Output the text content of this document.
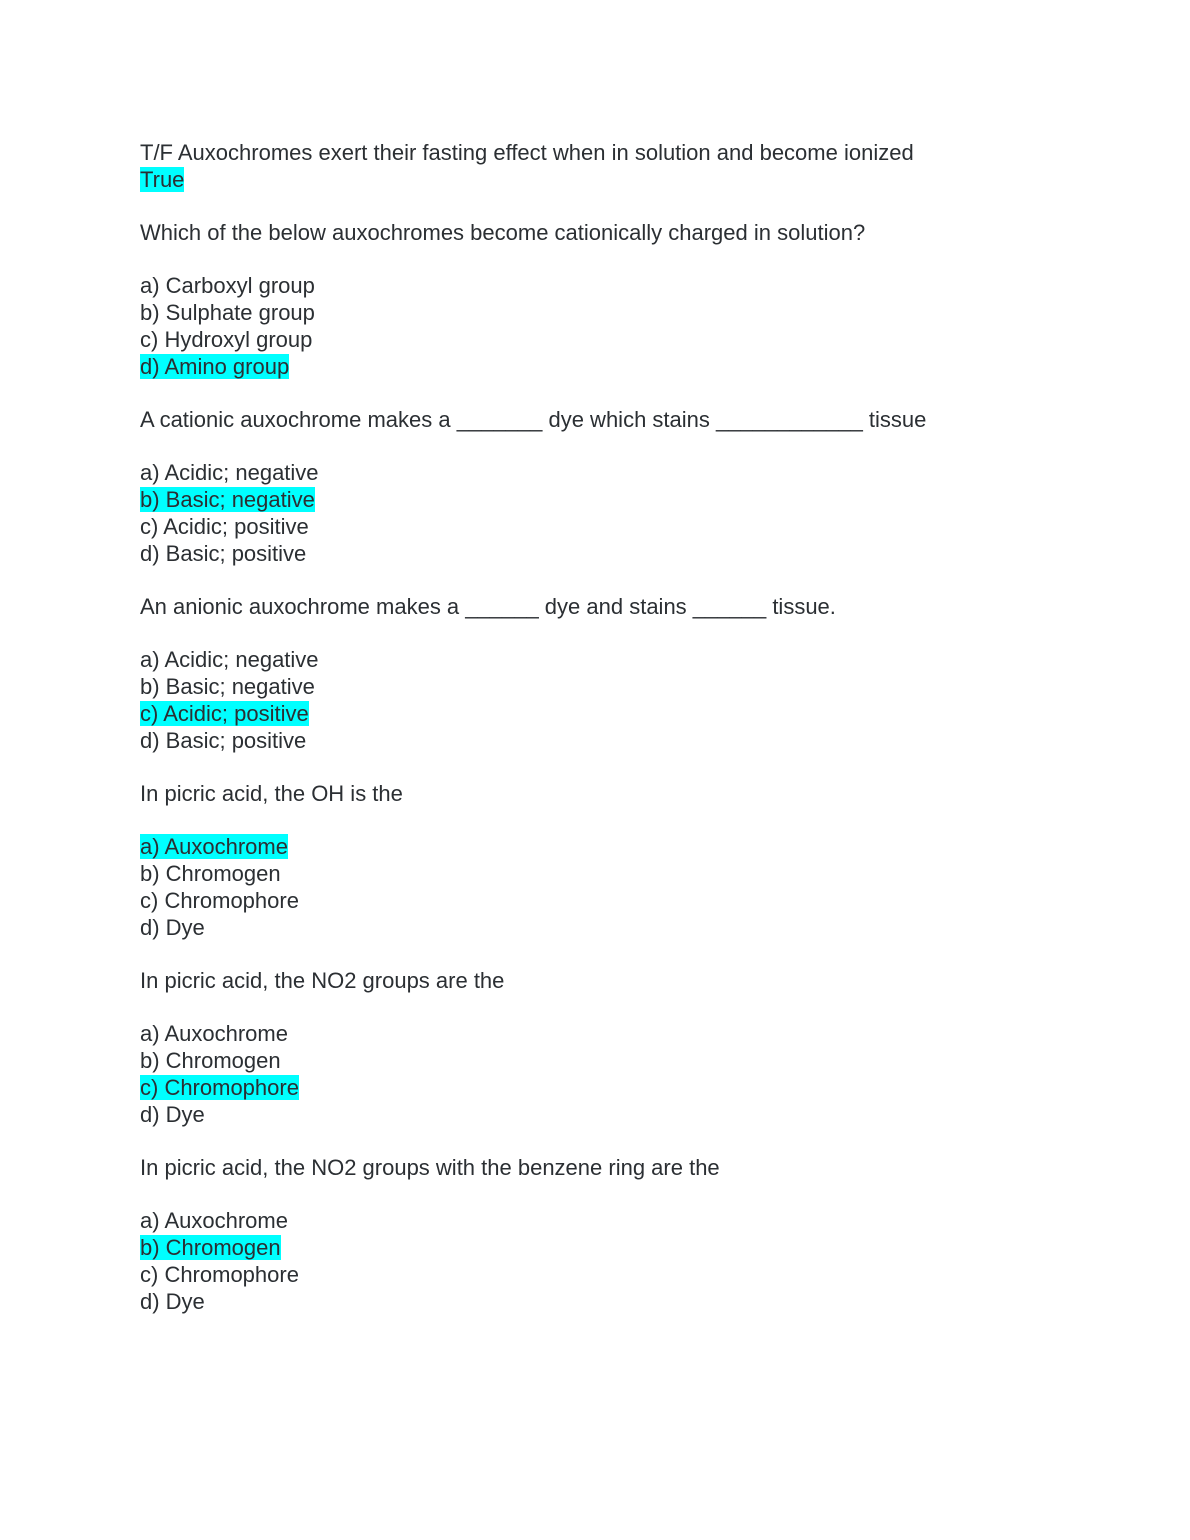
T/F Auxochromes exert their fasting effect when in solution and become ionized
True
Which of the below auxochromes become cationically charged in solution?
a) Carboxyl group
b) Sulphate group
c) Hydroxyl group
d) Amino group
A cationic auxochrome makes a _______ dye which stains ____________ tissue
a) Acidic; negative
b) Basic; negative
c) Acidic; positive
d) Basic; positive
An anionic auxochrome makes a ______ dye and stains ______ tissue.
a) Acidic; negative
b) Basic; negative
c) Acidic; positive
d) Basic; positive
In picric acid, the OH is the
a) Auxochrome
b) Chromogen
c) Chromophore
d) Dye
In picric acid, the NO2 groups are the
a) Auxochrome
b) Chromogen
c) Chromophore
d) Dye
In picric acid, the NO2 groups with the benzene ring are the
a) Auxochrome
b) Chromogen
c) Chromophore
d) Dye
